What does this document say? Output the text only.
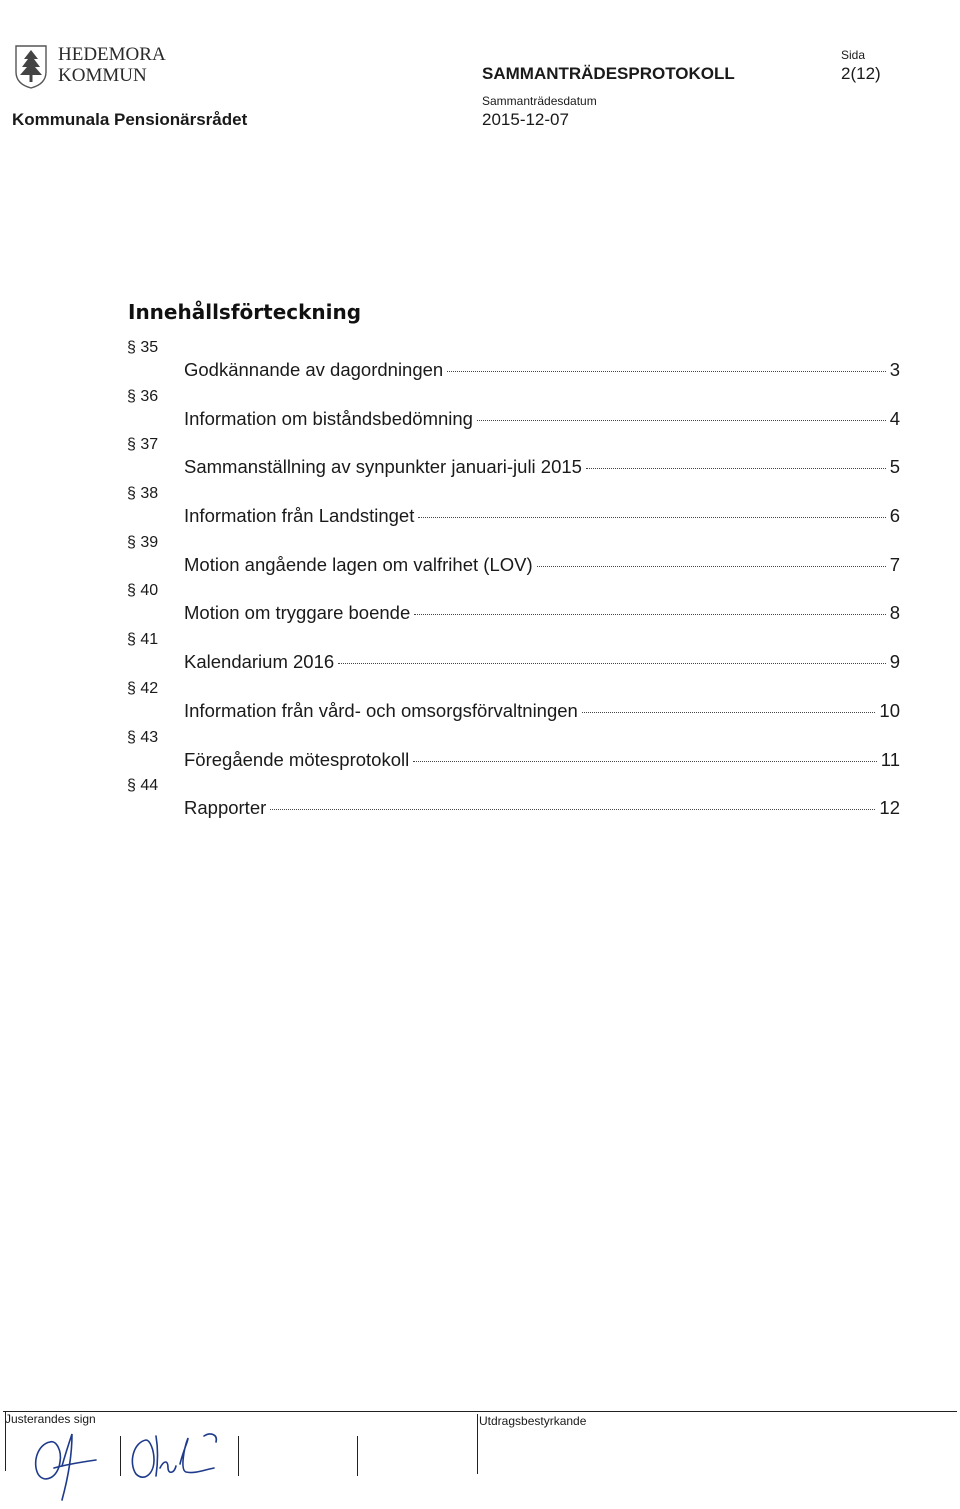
HEDEMORA
KOMMUN
Kommunala Pensionärsrådet
SAMMANTRÄDESPROTOKOLL
Sammanträdesdatum
2015-12-07
Sida
2(12)
Innehållsförteckning
§ 35
Godkännande av dagordningen	3
§ 36
Information om biståndsbedömning	4
§ 37
Sammanställning av synpunkter januari-juli 2015	5
§ 38
Information från Landstinget	6
§ 39
Motion angående lagen om valfrihet (LOV)	7
§ 40
Motion om tryggare boende	8
§ 41
Kalendarium 2016	9
§ 42
Information från vård- och omsorgsförvaltningen	10
§ 43
Föregående mötesprotokoll	11
§ 44
Rapporter	12
Justerandes sign	Utdragsbestyrkande
